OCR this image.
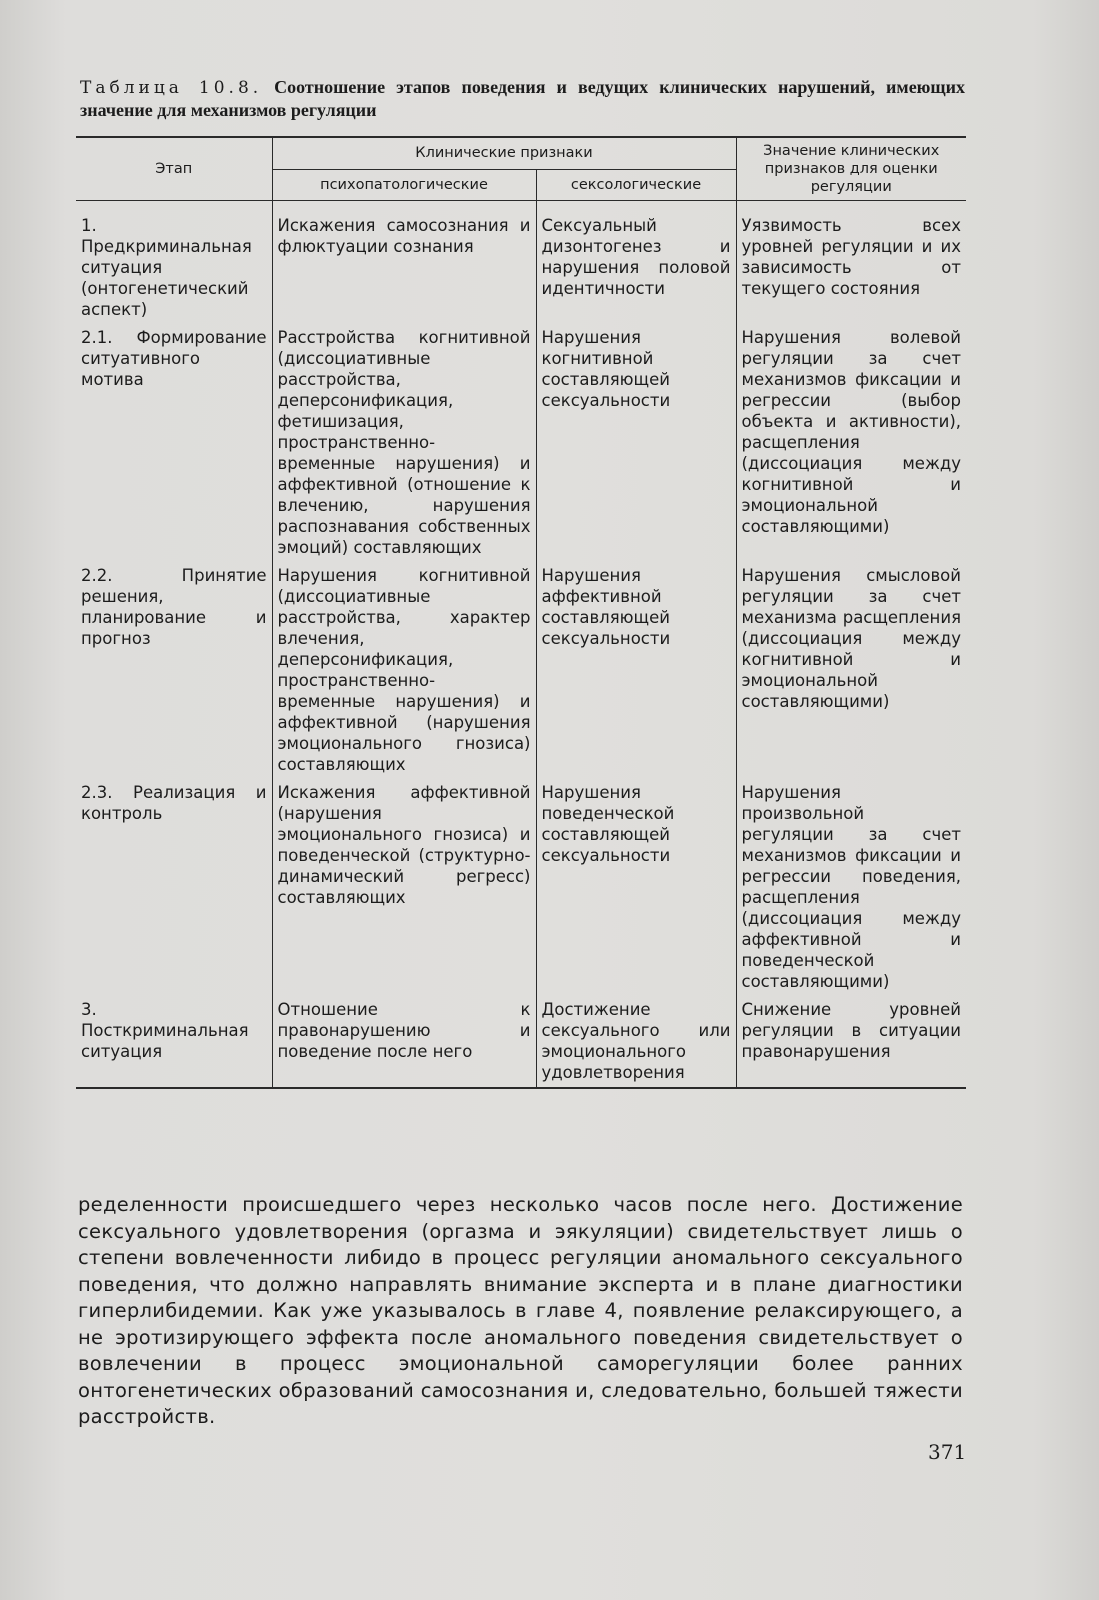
Таблица 10.8. Соотношение этапов поведения и ведущих клинических нарушений, имеющих значение для механизмов регуляции
Этап	Клинические признаки		Значение клинических признаков для оценки регуляции
	психопатологические	сексологические	
1. Предкриминальная ситуация (онтогенетический аспект)	Искажения самосознания и флюктуации сознания	Сексуальный дизонтогенез и нарушения половой идентичности	Уязвимость всех уровней регуляции и их зависимость от текущего состояния
2.1. Формирование ситуативного мотива	Расстройства когнитивной (диссоциативные расстройства, деперсонификация, фетишизация, пространственно-временные нарушения) и аффективной (отношение к влечению, нарушения распознавания собственных эмоций) составляющих	Нарушения когнитивной составляющей сексуальности	Нарушения волевой регуляции за счет механизмов фиксации и регрессии (выбор объекта и активности), расщепления (диссоциация между когнитивной и эмоциональной составляющими)
2.2. Принятие решения, планирование и прогноз	Нарушения когнитивной (диссоциативные расстройства, характер влечения, деперсонификация, пространственно-временные нарушения) и аффективной (нарушения эмоционального гнозиса) составляющих	Нарушения аффективной составляющей сексуальности	Нарушения смысловой регуляции за счет механизма расщепления (диссоциация между когнитивной и эмоциональной составляющими)
2.3. Реализация и контроль	Искажения аффективной (нарушения эмоционального гнозиса) и поведенческой (структурно-динамический регресс) составляющих	Нарушения поведенческой составляющей сексуальности	Нарушения произвольной регуляции за счет механизмов фиксации и регрессии поведения, расщепления (диссоциация между аффективной и поведенческой составляющими)
3. Посткриминальная ситуация	Отношение к правонарушению и поведение после него	Достижение сексуального или эмоционального удовлетворения	Снижение уровней регуляции в ситуации правонарушения
ределенности происшедшего через несколько часов после него. Достижение сексуального удовлетворения (оргазма и эякуляции) свидетельствует лишь о степени вовлеченности либидо в процесс регуляции аномального сексуального поведения, что должно направлять внимание эксперта и в плане диагностики гиперлибидемии. Как уже указывалось в главе 4, появление релаксирующего, а не эротизирующего эффекта после аномального поведения свидетельствует о вовлечении в процесс эмоциональной саморегуляции более ранних онтогенетических образований самосознания и, следовательно, большей тяжести расстройств.
371
